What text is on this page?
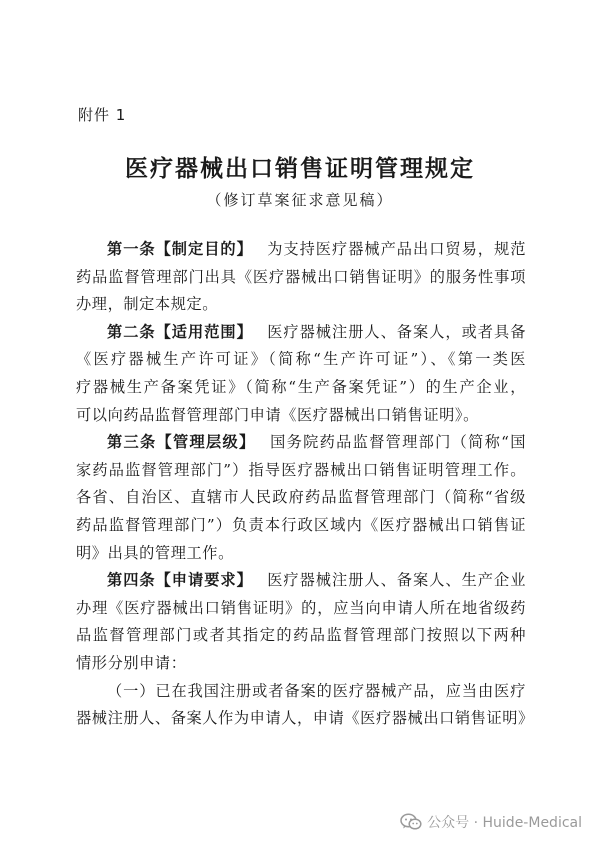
附件 1
医疗器械出口销售证明管理规定
（修订草案征求意见稿）
第一条【制定目的】 为支持医疗器械产品出口贸易，规范
药品监督管理部门出具《医疗器械出口销售证明》的服务性事项
办理，制定本规定。
第二条【适用范围】 医疗器械注册人、备案人，或者具备
《医疗器械生产许可证》（简称“生产许可证”）、《第一类医
疗器械生产备案凭证》（简称“生产备案凭证”）的生产企业，
可以向药品监督管理部门申请《医疗器械出口销售证明》。
第三条【管理层级】 国务院药品监督管理部门（简称“国
家药品监督管理部门”）指导医疗器械出口销售证明管理工作。
各省、自治区、直辖市人民政府药品监督管理部门（简称“省级
药品监督管理部门”）负责本行政区域内《医疗器械出口销售证
明》出具的管理工作。
第四条【申请要求】 医疗器械注册人、备案人、生产企业
办理《医疗器械出口销售证明》的，应当向申请人所在地省级药
品监督管理部门或者其指定的药品监督管理部门按照以下两种
情形分别申请：
（一）已在我国注册或者备案的医疗器械产品，应当由医疗
器械注册人、备案人作为申请人，申请《医疗器械出口销售证明》
公众号 · Huide-Medical
